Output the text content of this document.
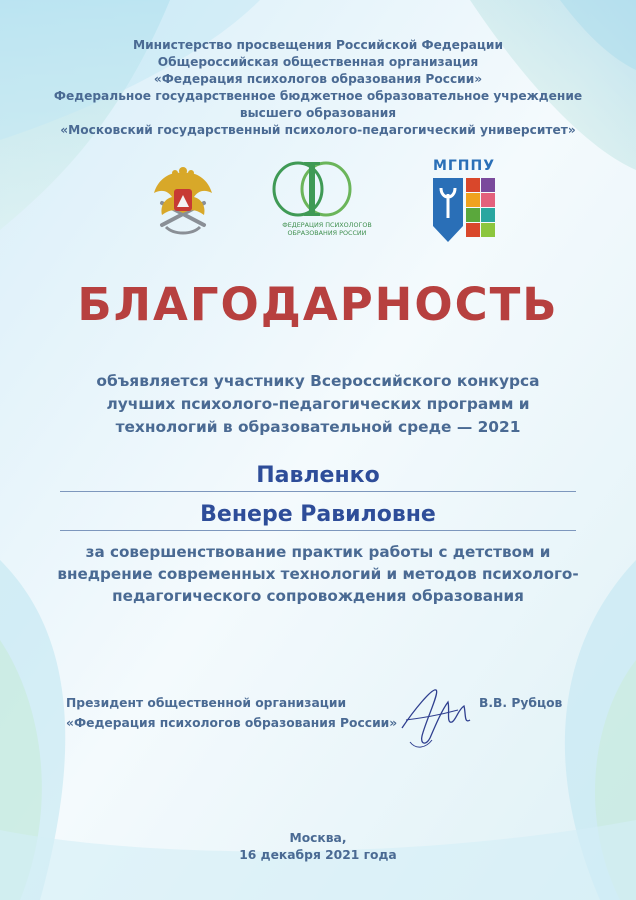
Министерство просвещения Российской Федерации
Общероссийская общественная организация
«Федерация психологов образования России»
Федеральное государственное бюджетное образовательное учреждение
высшего образования
«Московский государственный психолого-педагогический университет»
ФЕДЕРАЦИЯ ПСИХОЛОГОВ
ОБРАЗОВАНИЯ РОССИИ
МГППУ
БЛАГОДАРНОСТЬ
объявляется участнику Всероссийского конкурса
лучших психолого-педагогических программ и
технологий в образовательной среде — 2021
Павленко
Венере Равиловне
за совершенствование практик работы с детством и
внедрение современных технологий и методов психолого-
педагогического сопровождения образования
Президент общественной организации
«Федерация психологов образования России»
В.В. Рубцов
Москва,
16 декабря 2021 года
